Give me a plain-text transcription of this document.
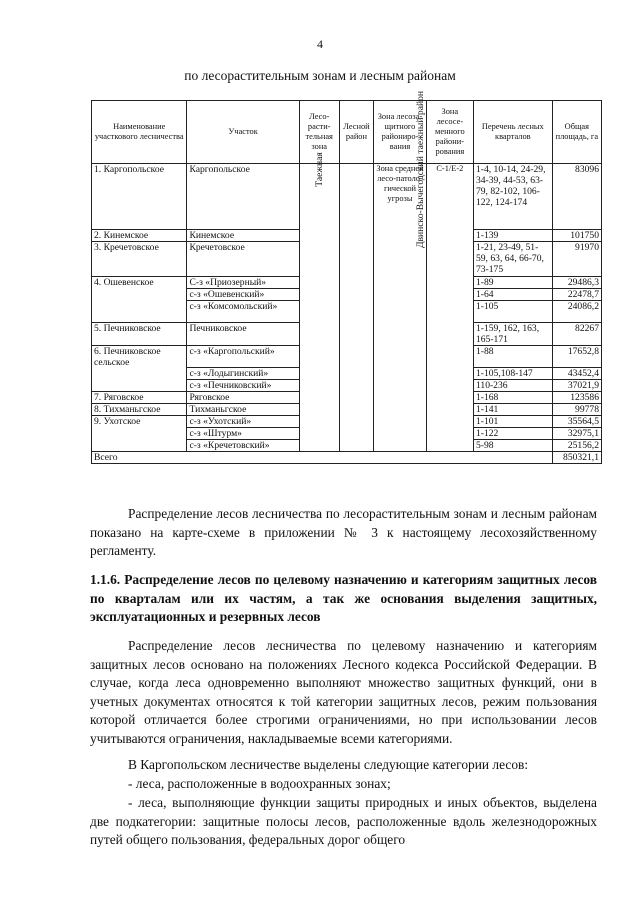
4
по лесорастительным зонам и лесным районам
Наименование участкового лесничества	Участок	Лесо-расти-тельная зона	Лесной район	Зона лесоза-щитного райониро-вания	Зона лесосе-менного райони-рования	Перечень лесных кварталов	Общая площадь, га
1. Каргопольское	Каргопольское	Таежная	Двинско-Вычегодский таежный район	Зона средней лесо-патоло-гической угрозы	С-1/Е-2	1-4, 10-14, 24-29, 34-39, 44-53, 63-79, 82-102, 106-122, 124-174	83096
2. Кинемское	Кинемское					1-139	101750
3. Кречетовское	Кречетовское					1-21, 23-49, 51-59, 63, 64, 66-70, 73-175	91970
4. Ошевенское	С-з «Приозерный»					1-89	29486,3
	с-з «Ошевенский»					1-64	22478,7
	с-з «Комсомольский»					1-105	24086,2
5. Печниковское	Печниковское					1-159, 162, 163, 165-171	82267
6. Печниковское сельское	с-з «Каргопольский»					1-88	17652,8
	с-з «Лодыгинский»					1-105,108-147	43452,4
	с-з «Печниковский»					110-236	37021,9
7. Ряговское	Ряговское					1-168	123586
8. Тихманьгское	Тихманьгское					1-141	99778
9. Ухотское	с-з «Ухотский»					1-101	35564,5
	с-з «Штурм»					1-122	32975,1
	с-з «Кречетовский»					5-98	25156,2
Всего							850321,1

Распределение лесов лесничества по лесорастительным зонам и лесным районам показано на карте-схеме в приложении № 3 к настоящему лесохозяйственному регламенту.

1.1.6. Распределение лесов по целевому назначению и категориям защитных лесов по кварталам или их частям, а так же основания выделения защитных, эксплуатационных и резервных лесов

Распределение лесов лесничества по целевому назначению и категориям защитных лесов основано на положениях Лесного кодекса Российской Федерации. В случае, когда леса одновременно выполняют множество защитных функций, они в учетных документах относятся к той категории защитных лесов, режим пользования которой отличается более строгими ограничениями, но при использовании лесов учитываются ограничения, накладываемые всеми категориями.

В Каргопольском лесничестве выделены следующие категории лесов:

- леса, расположенные в водоохранных зонах;

- леса, выполняющие функции защиты природных и иных объектов, выделена две подкатегории: защитные полосы лесов, расположенные вдоль железнодорожных путей общего пользования, федеральных дорог общего
